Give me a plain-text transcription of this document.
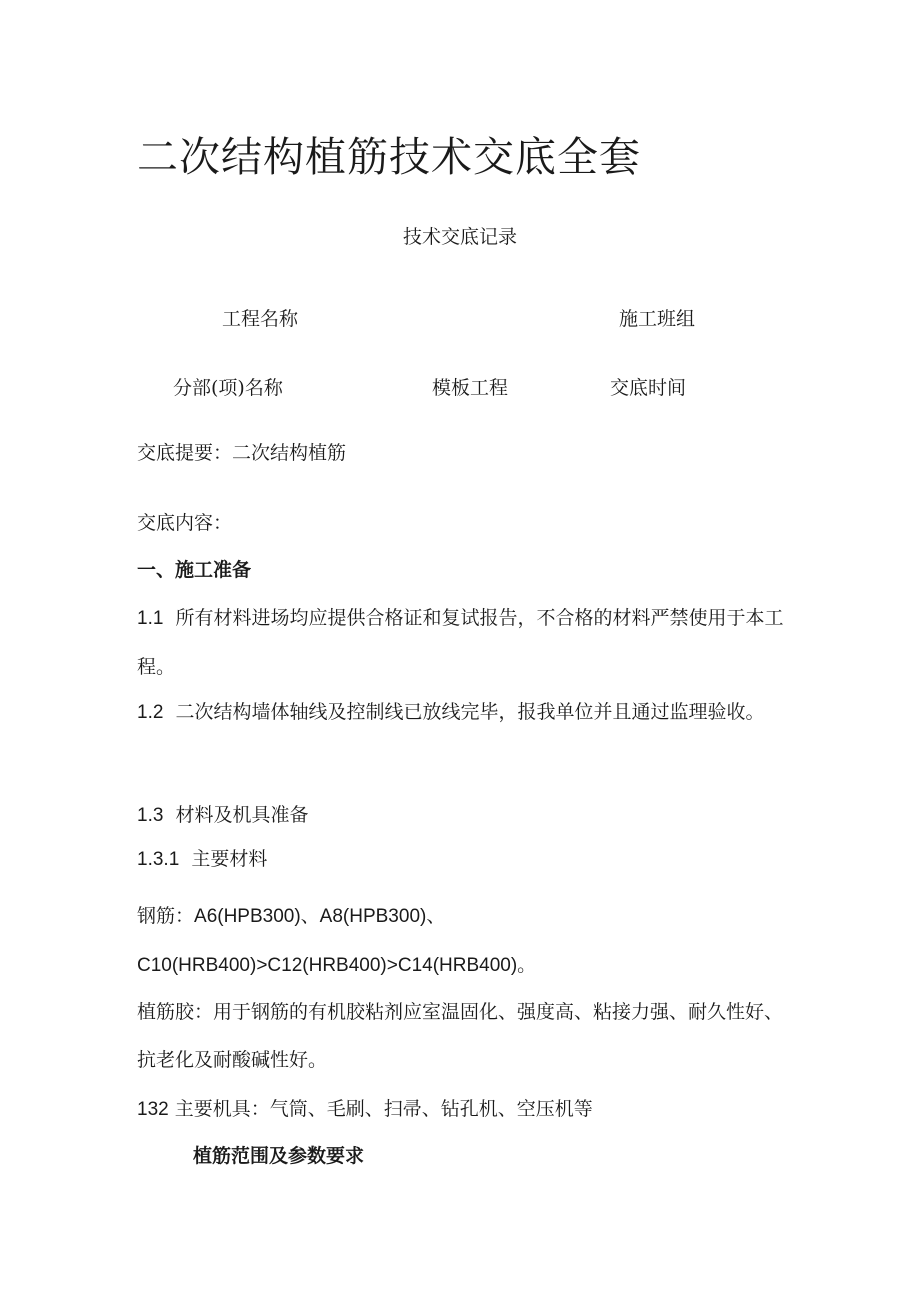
二次结构植筋技术交底全套
技术交底记录
工程名称	施工班组
分部(项)名称	模板工程	交底时间
交底提要：二次结构植筋
交底内容：
一、施工准备
1.1 所有材料进场均应提供合格证和复试报告，不合格的材料严禁使用于本工程。
1.2 二次结构墙体轴线及控制线已放线完毕，报我单位并且通过监理验收。
1.3 材料及机具准备
1.3.1 主要材料
钢筋：A6(HPB300)、A8(HPB300)、C10(HRB400)>C12(HRB400)>C14(HRB400)。
植筋胶：用于钢筋的有机胶粘剂应室温固化、强度高、粘接力强、耐久性好、抗老化及耐酸碱性好。
132 主要机具：气筒、毛刷、扫帚、钻孔机、空压机等
植筋范围及参数要求
